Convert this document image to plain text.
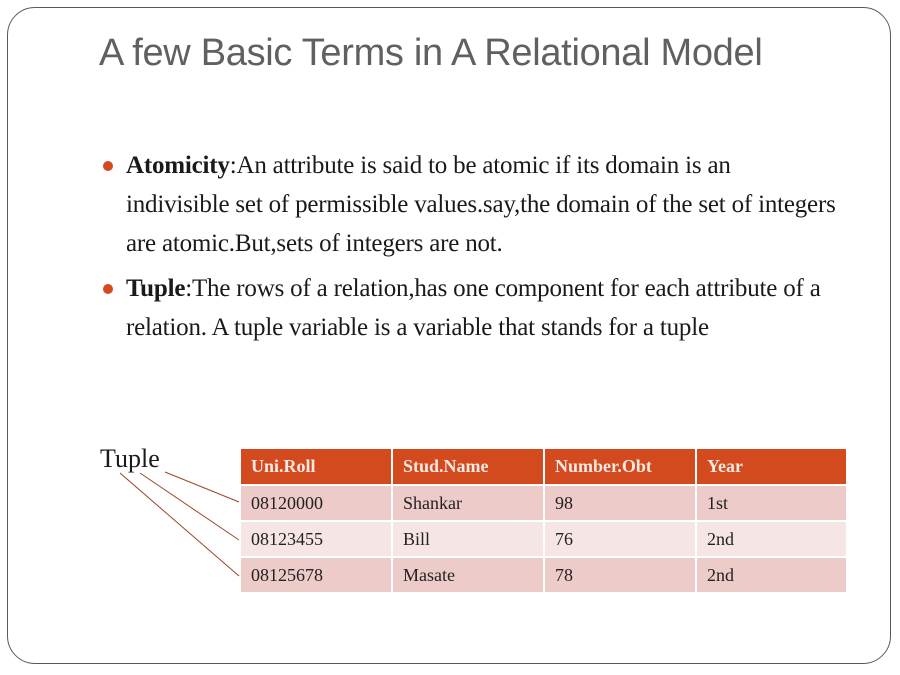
A few Basic Terms in A Relational Model
Atomicity:An attribute is said to be atomic if its domain is an indivisible set of permissible values.say,the domain of the set of integers are atomic.But,sets of integers are not.
Tuple:The rows of a relation,has one component for each attribute of a relation. A tuple variable is a variable that stands for a tuple
Tuple	Uni.Roll	Stud.Name	Number.Obt	Year
08120000	Shankar	98	1st
08123455	Bill	76	2nd
08125678	Masate	78	2nd
